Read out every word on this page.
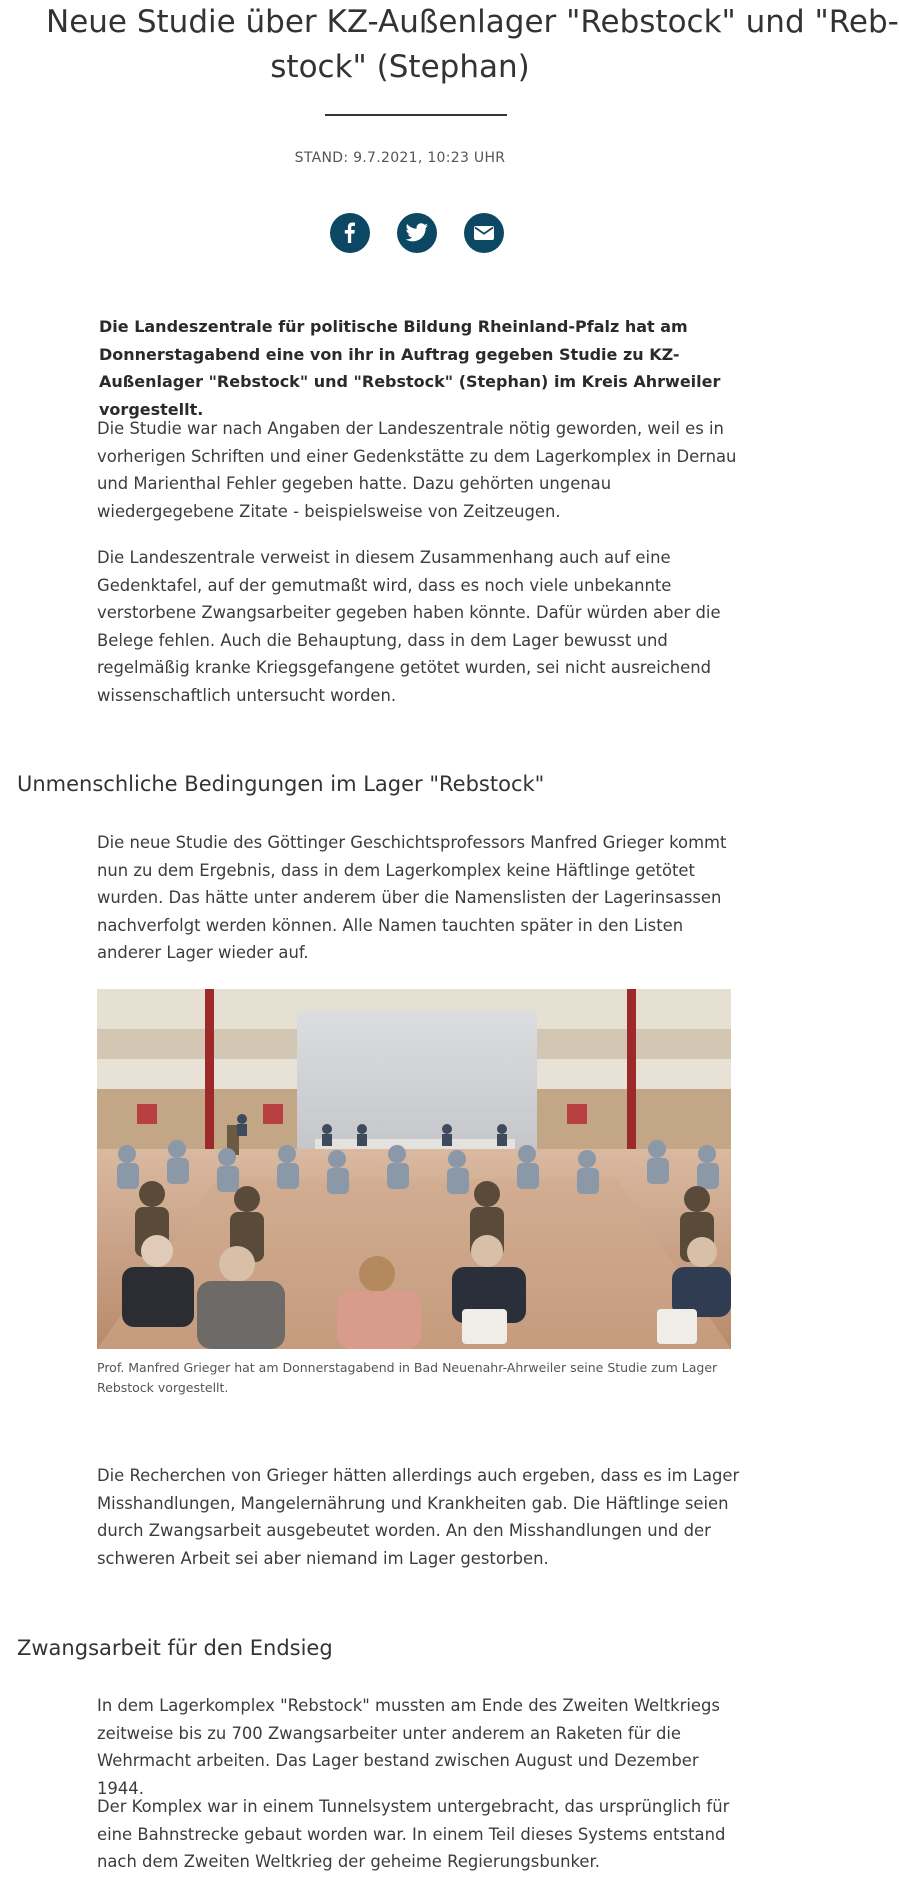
Neue Studie über KZ-Außenlager "Rebstock" und "Reb-
stock" (Stephan)
STAND: 9.7.2021, 10:23 UHR

Die Landeszentrale für politische Bildung Rheinland-Pfalz hat am Donnerstagabend eine von ihr in Auftrag gegeben Studie zu KZ-Außenlager "Rebstock" und "Rebstock" (Stephan) im Kreis Ahrweiler vorgestellt.

Die Studie war nach Angaben der Landeszentrale nötig geworden, weil es in vorherigen Schriften und einer Gedenkstätte zu dem Lagerkomplex in Dernau und Marienthal Fehler gegeben hatte. Dazu gehörten ungenau wiedergegebene Zitate - beispielsweise von Zeitzeugen.

Die Landeszentrale verweist in diesem Zusammenhang auch auf eine Gedenktafel, auf der gemutmaßt wird, dass es noch viele unbekannte verstorbene Zwangsarbeiter gegeben haben könnte. Dafür würden aber die Belege fehlen. Auch die Behauptung, dass in dem Lager bewusst und regelmäßig kranke Kriegsgefangene getötet wurden, sei nicht ausreichend wissenschaftlich untersucht worden.

Unmenschliche Bedingungen im Lager "Rebstock"

Die neue Studie des Göttinger Geschichtsprofessors Manfred Grieger kommt nun zu dem Ergebnis, dass in dem Lagerkomplex keine Häftlinge getötet wurden. Das hätte unter anderem über die Namenslisten der Lagerinsassen nachverfolgt werden können. Alle Namen tauchten später in den Listen anderer Lager wieder auf.

Prof. Manfred Grieger hat am Donnerstagabend in Bad Neuenahr-Ahrweiler seine Studie zum Lager Rebstock vorgestellt.

Die Recherchen von Grieger hätten allerdings auch ergeben, dass es im Lager Misshandlungen, Mangelernährung und Krankheiten gab. Die Häftlinge seien durch Zwangsarbeit ausgebeutet worden. An den Misshandlungen und der schweren Arbeit sei aber niemand im Lager gestorben.

Zwangsarbeit für den Endsieg

In dem Lagerkomplex "Rebstock" mussten am Ende des Zweiten Weltkriegs zeitweise bis zu 700 Zwangsarbeiter unter anderem an Raketen für die Wehrmacht arbeiten. Das Lager bestand zwischen August und Dezember 1944.

Der Komplex war in einem Tunnelsystem untergebracht, das ursprünglich für eine Bahnstrecke gebaut worden war. In einem Teil dieses Systems entstand nach dem Zweiten Weltkrieg der geheime Regierungsbunker.
